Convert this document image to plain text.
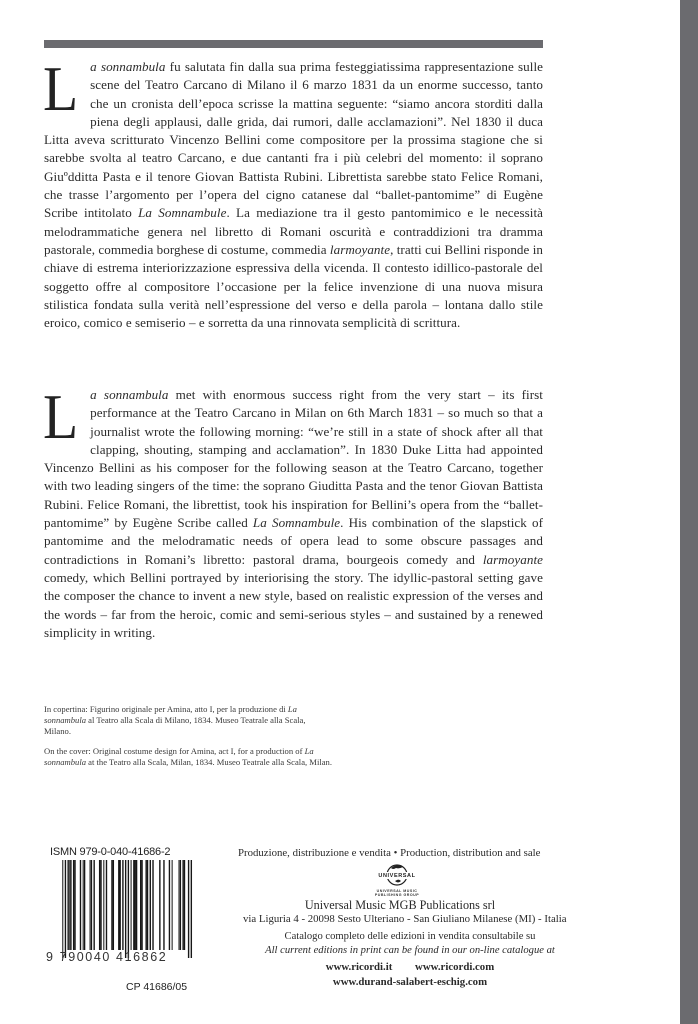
La sonnambula fu salutata fin dalla sua prima festeggiatissima rappresentazione sulle scene del Teatro Carcano di Milano il 6 marzo 1831 da un enorme successo, tanto che un cronista dell’epoca scrisse la mattina seguente: “siamo ancora storditi dalla piena degli applausi, dalle grida, dai rumori, dalle acclamazioni”. Nel 1830 il duca Litta aveva scritturato Vincenzo Bellini come compositore per la prossima stagione che si sarebbe svolta al teatro Carcano, e due cantanti fra i più celebri del momento: il soprano Giuºdditta Pasta e il tenore Giovan Battista Rubini. Librettista sarebbe stato Felice Romani, che trasse l’argomento per l’opera del cigno catanese dal “ballet-pantomime” di Eugène Scribe intitolato La Somnambule. La mediazione tra il gesto pantomimico e le necessità melodrammatiche genera nel libretto di Romani oscurità e contraddizioni tra dramma pastorale, commedia borghese di costume, commedia larmoyante, tratti cui Bellini risponde in chiave di estrema interiorizzazione espressiva della vicenda. Il contesto idillico-pastorale del soggetto offre al compositore l’occasione per la felice invenzione di una nuova misura stilistica fondata sulla verità nell’espressione del verso e della parola – lontana dallo stile eroico, comico e semiserio – e sorretta da una rinnovata semplicità di scrittura.
La sonnambula met with enormous success right from the very start – its first performance at the Teatro Carcano in Milan on 6th March 1831 – so much so that a journalist wrote the following morning: “we’re still in a state of shock after all that clapping, shouting, stamping and acclamation”. In 1830 Duke Litta had appointed Vincenzo Bellini as his composer for the following season at the Teatro Carcano, together with two leading singers of the time: the soprano Giuditta Pasta and the tenor Giovan Battista Rubini. Felice Romani, the librettist, took his inspiration for Bellini’s opera from the “ballet-pantomime” by Eugène Scribe called La Somnambule. His combination of the slapstick of pantomime and the melodramatic needs of opera lead to some obscure passages and contradictions in Romani’s libretto: pastoral drama, bourgeois comedy and larmoyante comedy, which Bellini portrayed by interiorising the story. The idyllic-pastoral setting gave the composer the chance to invent a new style, based on realistic expression of the verses and the words – far from the heroic, comic and semi-serious styles – and sustained by a renewed simplicity in writing.
In copertina: Figurino originale per Amina, atto I, per la produzione di La sonnambula al Teatro alla Scala di Milano, 1834. Museo Teatrale alla Scala, Milano.
On the cover: Original costume design for Amina, act I, for a production of La sonnambula at the Teatro alla Scala, Milan, 1834. Museo Teatrale alla Scala, Milan.
ISMN 979-0-040-41686-2
9 790040 416862
CP 41686/05
Produzione, distribuzione e vendita • Production, distribution and sale
UNIVERSAL
UNIVERSAL MUSIC
PUBLISHING GROUP
Universal Music MGB Publications srl
via Liguria 4 - 20098 Sesto Ulteriano - San Giuliano Milanese (MI) - Italia
Catalogo completo delle edizioni in vendita consultabile su
All current editions in print can be found in our on-line catalogue at
www.ricordi.it www.ricordi.com
www.durand-salabert-eschig.com
